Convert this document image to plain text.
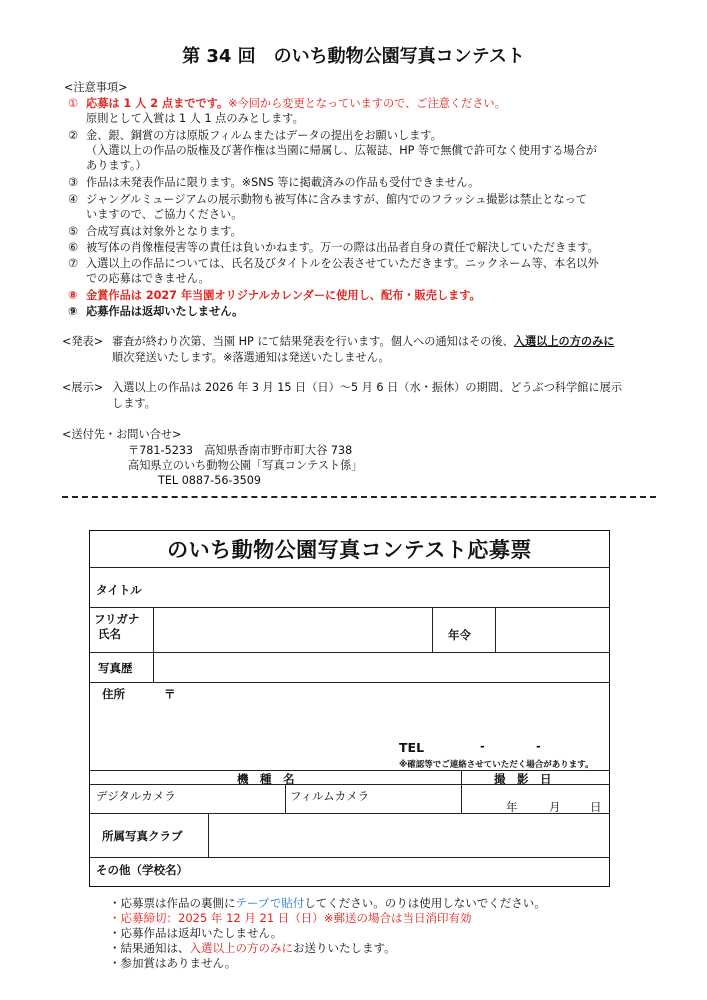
第 34 回　のいち動物公園写真コンテスト
<注意事項>
① 応募は 1 人 2 点までです。※今回から変更となっていますので、ご注意ください。
原則として入賞は 1 人 1 点のみとします。
② 金、銀、銅賞の方は原版フィルムまたはデータの提出をお願いします。
（入選以上の作品の版権及び著作権は当園に帰属し、広報誌、HP 等で無償で許可なく使用する場合が
あります。）
③ 作品は未発表作品に限ります。※SNS 等に掲載済みの作品も受付できません。
④ ジャングルミュージアムの展示動物も被写体に含みますが、館内でのフラッシュ撮影は禁止となって
いますので、ご協力ください。
⑤ 合成写真は対象外となります。
⑥ 被写体の肖像権侵害等の責任は負いかねます。万一の際は出品者自身の責任で解決していただきます。
⑦ 入選以上の作品については、氏名及びタイトルを公表させていただきます。ニックネーム等、本名以外
での応募はできません。
⑧ 金賞作品は 2027 年当園オリジナルカレンダーに使用し、配布・販売します。
⑨ 応募作品は返却いたしません。
<発表> 審査が終わり次第、当園 HP にて結果発表を行います。個人への通知はその後、入選以上の方のみに
順次発送いたします。※落選通知は発送いたしません。
<展示> 入選以上の作品は 2026 年 3 月 15 日（日）～5 月 6 日（水・振休）の期間、どうぶつ科学館に展示
します。
<送付先・お問い合せ>
〒781-5233　高知県香南市野市町大谷 738
高知県立のいち動物公園「写真コンテスト係」
TEL 0887-56-3509
のいち動物公園写真コンテスト応募票
タイトル
フリガナ
氏名	年令
写真歴
住所	〒
TEL	-	-
※確認等でご連絡させていただく場合があります。
機　種　名	撮　影　日
デジタルカメラ	フィルムカメラ
年	月	日
所属写真クラブ
その他（学校名）
・応募票は作品の裏側にテープで貼付してください。のりは使用しないでください。
・応募締切：2025 年 12 月 21 日（日）※郵送の場合は当日消印有効
・応募作品は返却いたしません。
・結果通知は、入選以上の方のみにお送りいたします。
・参加賞はありません。
